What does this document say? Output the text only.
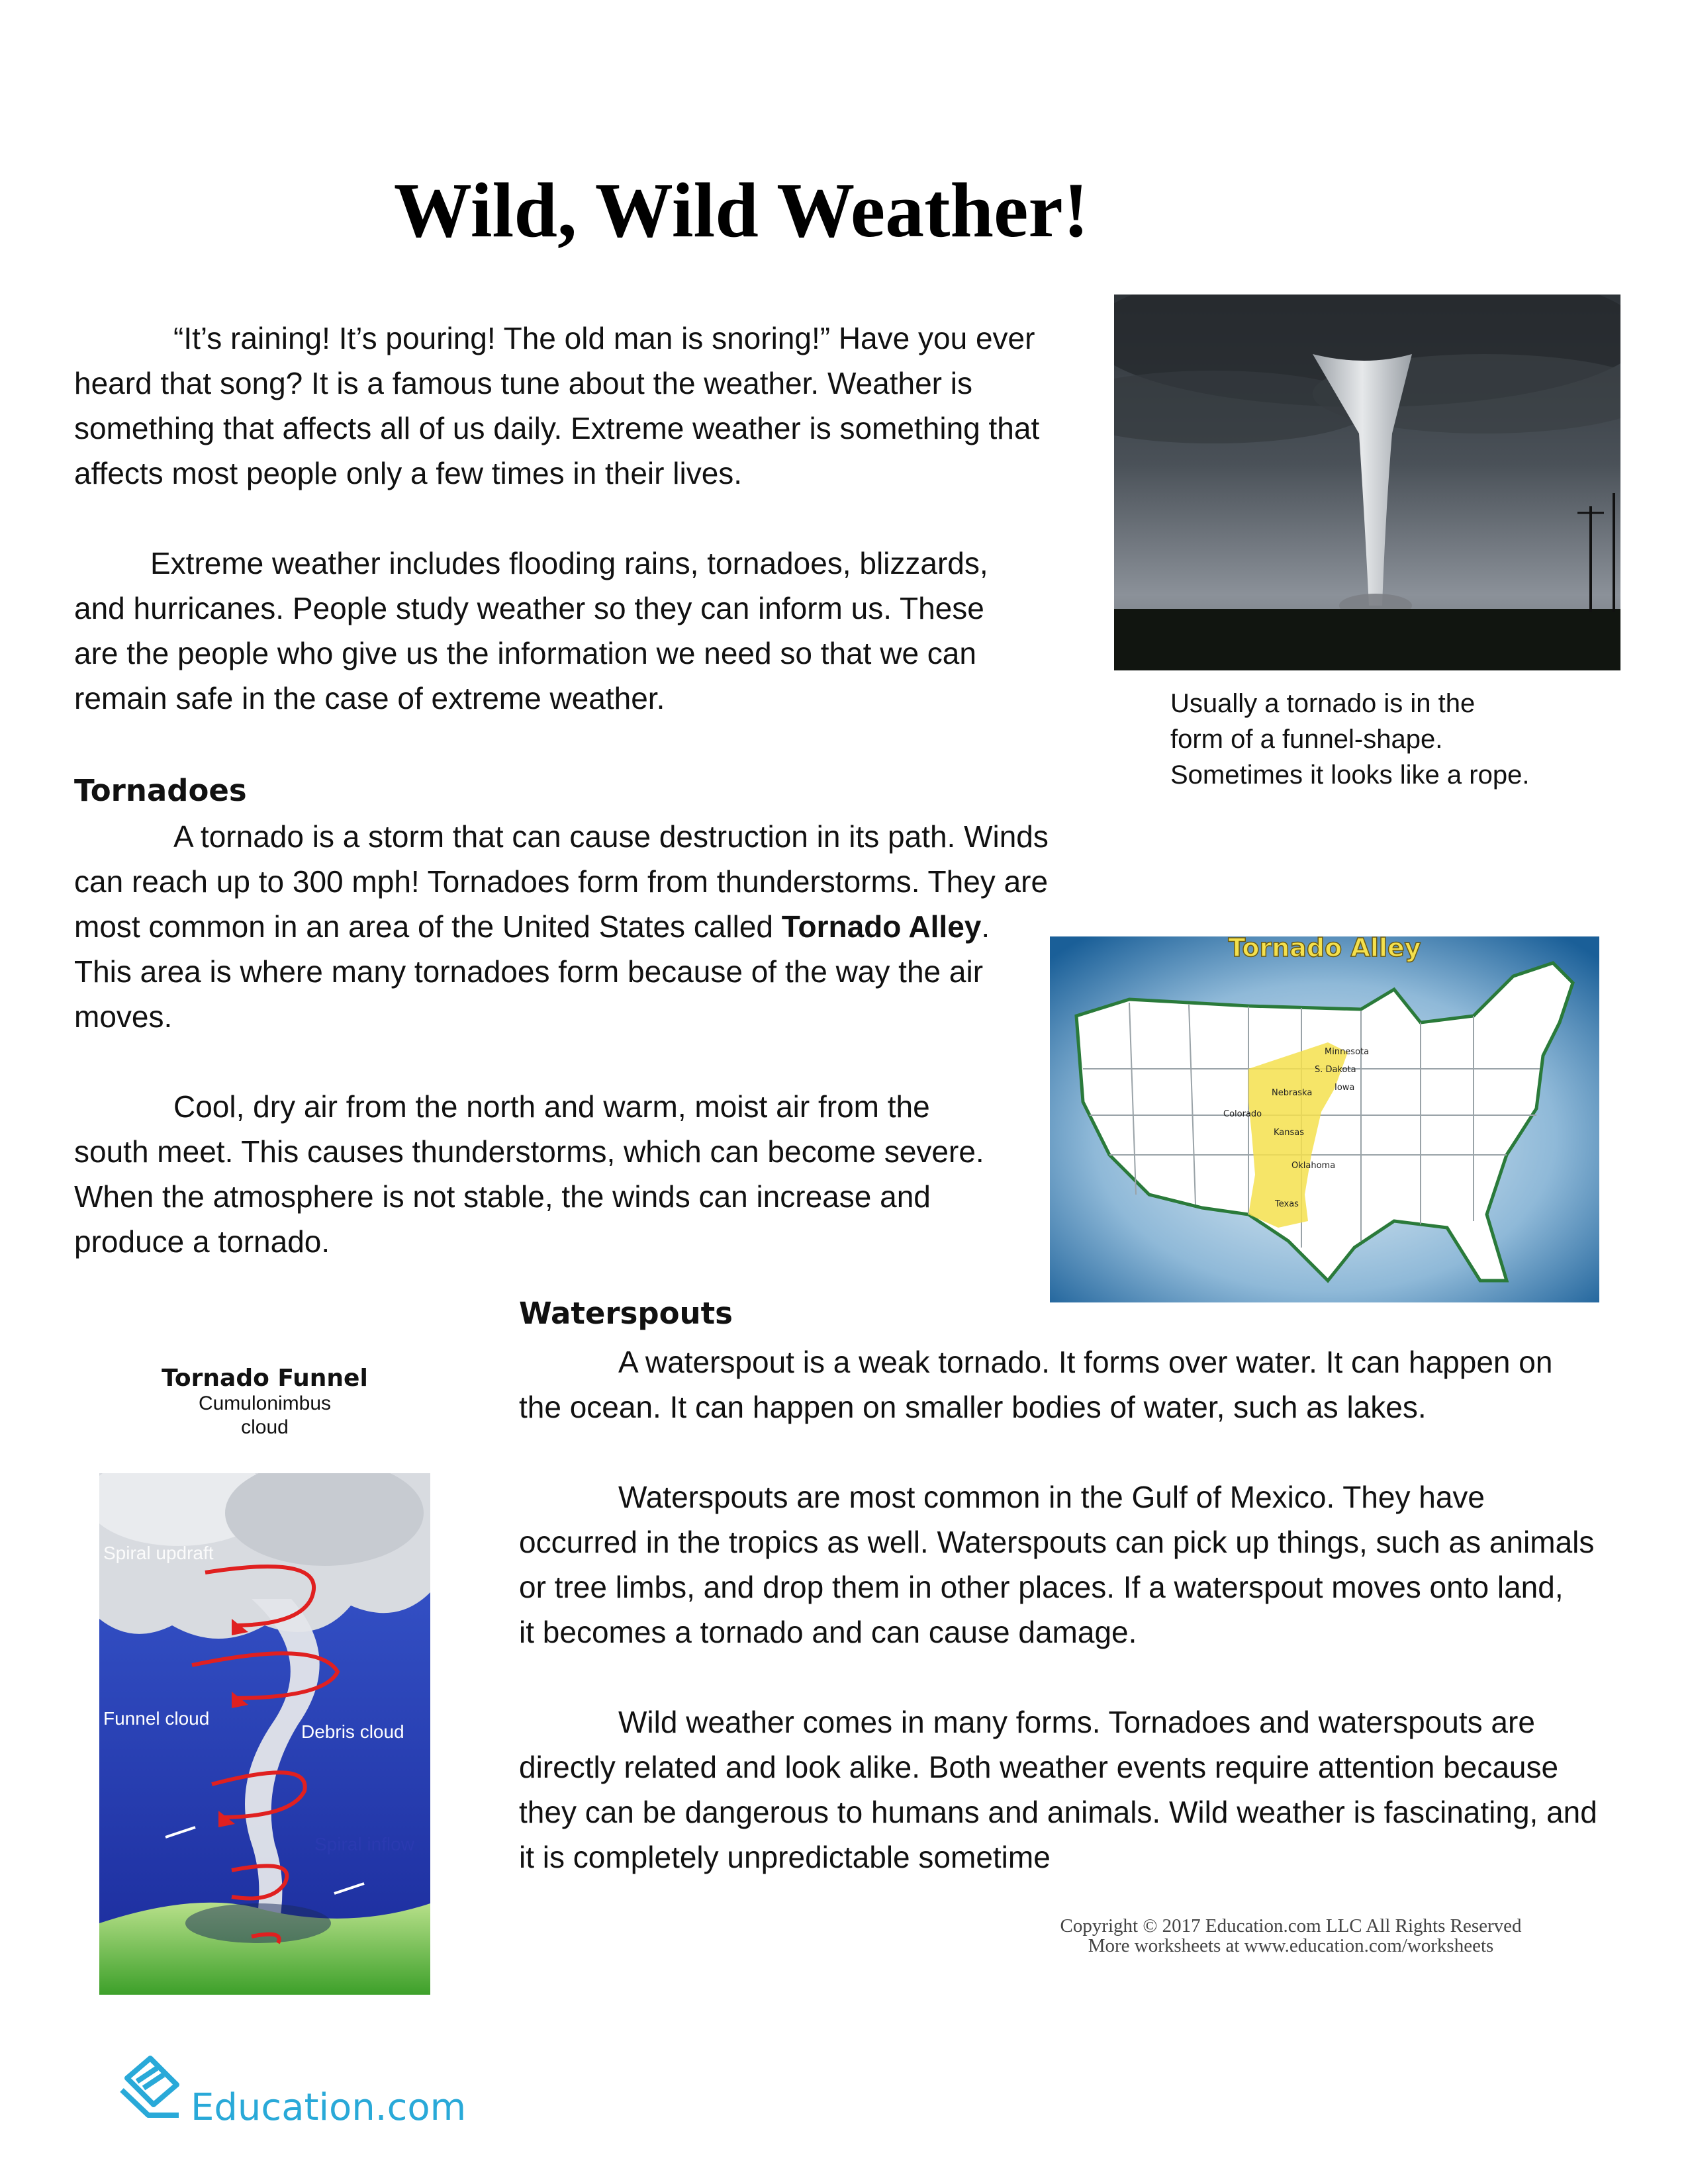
Wild, Wild Weather!

“It’s raining! It’s pouring! The old man is snoring!” Have you ever

heard that song? It is a famous tune about the weather. Weather is

something that affects all of us daily. Extreme weather is something that

affects most people only a few times in their lives.

Extreme weather includes flooding rains, tornadoes, blizzards,

and hurricanes. People study weather so they can inform us. These

are the people who give us the information we need so that we can

remain safe in the case of extreme weather.	Usually a tornado is in the
form of a funnel-shape.
Sometimes it looks like a rope.
Tornadoes

A tornado is a storm that can cause destruction in its path. Winds

can reach up to 300 mph! Tornadoes form from thunderstorms. They are

most common in an area of the United States called Tornado Alley.

This area is where many tornadoes form because of the way the air

moves.

Cool, dry air from the north and warm, moist air from the

south meet. This causes thunderstorms, which can become severe.

When the atmosphere is not stable, the winds can increase and

produce a tornado.

Tornado Alley
S. Dakota
Minnesota
Iowa
Nebraska
Colorado
Kansas
Oklahoma
Texas
Tornado Funnel
Cumulonimbus
cloud
Spiral updraft
Funnel cloud
Debris cloud
Spiral inflow
Waterspouts

A waterspout is a weak tornado. It forms over water. It can happen on

the ocean. It can happen on smaller bodies of water, such as lakes.

Waterspouts are most common in the Gulf of Mexico. They have

occurred in the tropics as well. Waterspouts can pick up things, such as animals

or tree limbs, and drop them in other places. If a waterspout moves onto land,

it becomes a tornado and can cause damage.

Wild weather comes in many forms. Tornadoes and waterspouts are

directly related and look alike. Both weather events require attention because

they can be dangerous to humans and animals. Wild weather is fascinating, and

it is completely unpredictable sometime

Copyright © 2017 Education.com LLC All Rights Reserved
More worksheets at www.education.com/worksheets
Education.com
